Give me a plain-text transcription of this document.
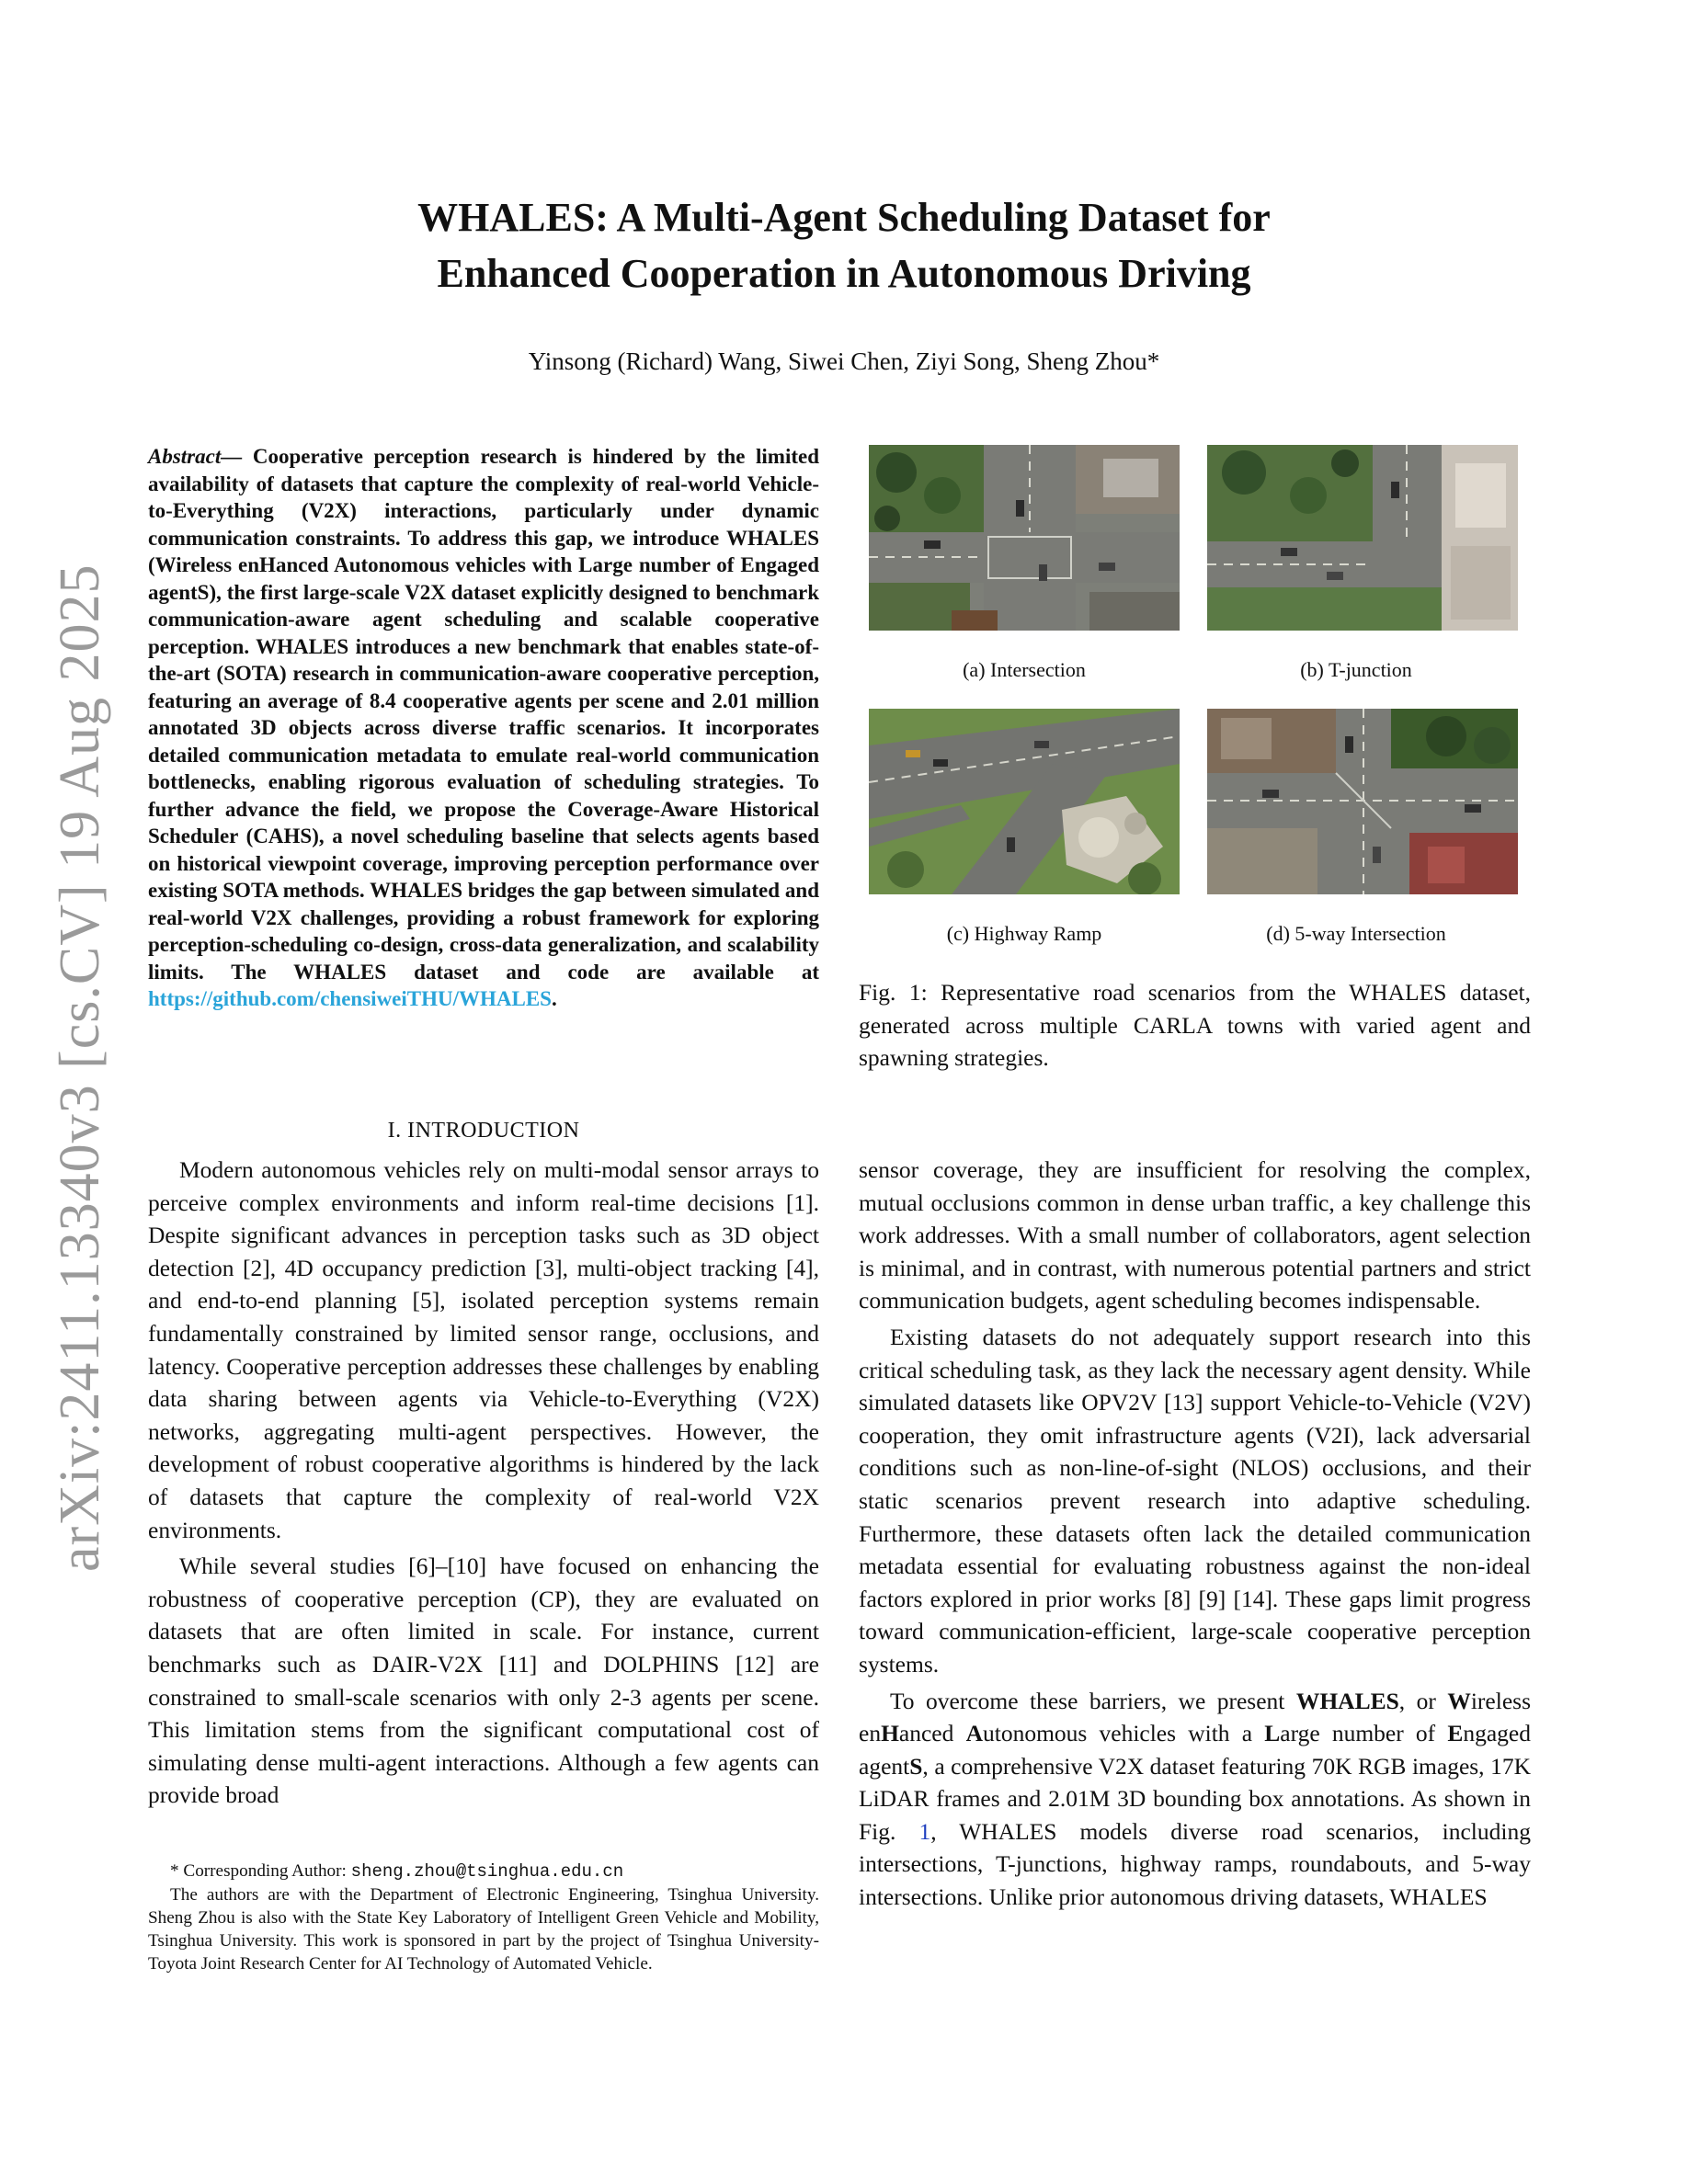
arXiv:2411.13340v3 [cs.CV] 19 Aug 2025
WHALES: A Multi-Agent Scheduling Dataset for
Enhanced Cooperation in Autonomous Driving
Yinsong (Richard) Wang, Siwei Chen, Ziyi Song, Sheng Zhou*
Abstract— Cooperative perception research is hindered by the limited availability of datasets that capture the complexity of real-world Vehicle-to-Everything (V2X) interactions, particularly under dynamic communication constraints. To address this gap, we introduce WHALES (Wireless enHanced Autonomous vehicles with Large number of Engaged agentS), the first large-scale V2X dataset explicitly designed to benchmark communication-aware agent scheduling and scalable cooperative perception. WHALES introduces a new benchmark that enables state-of-the-art (SOTA) research in communication-aware cooperative perception, featuring an average of 8.4 cooperative agents per scene and 2.01 million annotated 3D objects across diverse traffic scenarios. It incorporates detailed communication metadata to emulate real-world communication bottlenecks, enabling rigorous evaluation of scheduling strategies. To further advance the field, we propose the Coverage-Aware Historical Scheduler (CAHS), a novel scheduling baseline that selects agents based on historical viewpoint coverage, improving perception performance over existing SOTA methods. WHALES bridges the gap between simulated and real-world V2X challenges, providing a robust framework for exploring perception-scheduling co-design, cross-data generalization, and scalability limits. The WHALES dataset and code are available at https://github.com/chensiweiTHU/WHALES.
(a) Intersection	(b) T-junction
(c) Highway Ramp	(d) 5-way Intersection
Fig. 1: Representative road scenarios from the WHALES dataset, generated across multiple CARLA towns with varied agent and spawning strategies.
I. INTRODUCTION

Modern autonomous vehicles rely on multi-modal sensor arrays to perceive complex environments and inform real-time decisions [1]. Despite significant advances in perception tasks such as 3D object detection [2], 4D occupancy prediction [3], multi-object tracking [4], and end-to-end planning [5], isolated perception systems remain fundamentally constrained by limited sensor range, occlusions, and latency. Cooperative perception addresses these challenges by enabling data sharing between agents via Vehicle-to-Everything (V2X) networks, aggregating multi-agent perspectives. However, the development of robust cooperative algorithms is hindered by the lack of datasets that capture the complexity of real-world V2X environments.

While several studies [6]–[10] have focused on enhancing the robustness of cooperative perception (CP), they are evaluated on datasets that are often limited in scale. For instance, current benchmarks such as DAIR-V2X [11] and DOLPHINS [12] are constrained to small-scale scenarios with only 2-3 agents per scene. This limitation stems from the significant computational cost of simulating dense multi-agent interactions. Although a few agents can provide broad

sensor coverage, they are insufficient for resolving the complex, mutual occlusions common in dense urban traffic, a key challenge this work addresses. With a small number of collaborators, agent selection is minimal, and in contrast, with numerous potential partners and strict communication budgets, agent scheduling becomes indispensable.

Existing datasets do not adequately support research into this critical scheduling task, as they lack the necessary agent density. While simulated datasets like OPV2V [13] support Vehicle-to-Vehicle (V2V) cooperation, they omit infrastructure agents (V2I), lack adversarial conditions such as non-line-of-sight (NLOS) occlusions, and their static scenarios prevent research into adaptive scheduling. Furthermore, these datasets often lack the detailed communication metadata essential for evaluating robustness against the non-ideal factors explored in prior works [8] [9] [14]. These gaps limit progress toward communication-efficient, large-scale cooperative perception systems.

To overcome these barriers, we present WHALES, or Wireless enHanced Autonomous vehicles with a Large number of Engaged agentS, a comprehensive V2X dataset featuring 70K RGB images, 17K LiDAR frames and 2.01M 3D bounding box annotations. As shown in Fig. 1, WHALES models diverse road scenarios, including intersections, T-junctions, highway ramps, roundabouts, and 5-way intersections. Unlike prior autonomous driving datasets, WHALES

* Corresponding Author: sheng.zhou@tsinghua.edu.cn

The authors are with the Department of Electronic Engineering, Tsinghua University. Sheng Zhou is also with the State Key Laboratory of Intelligent Green Vehicle and Mobility, Tsinghua University. This work is sponsored in part by the project of Tsinghua University-Toyota Joint Research Center for AI Technology of Automated Vehicle.
